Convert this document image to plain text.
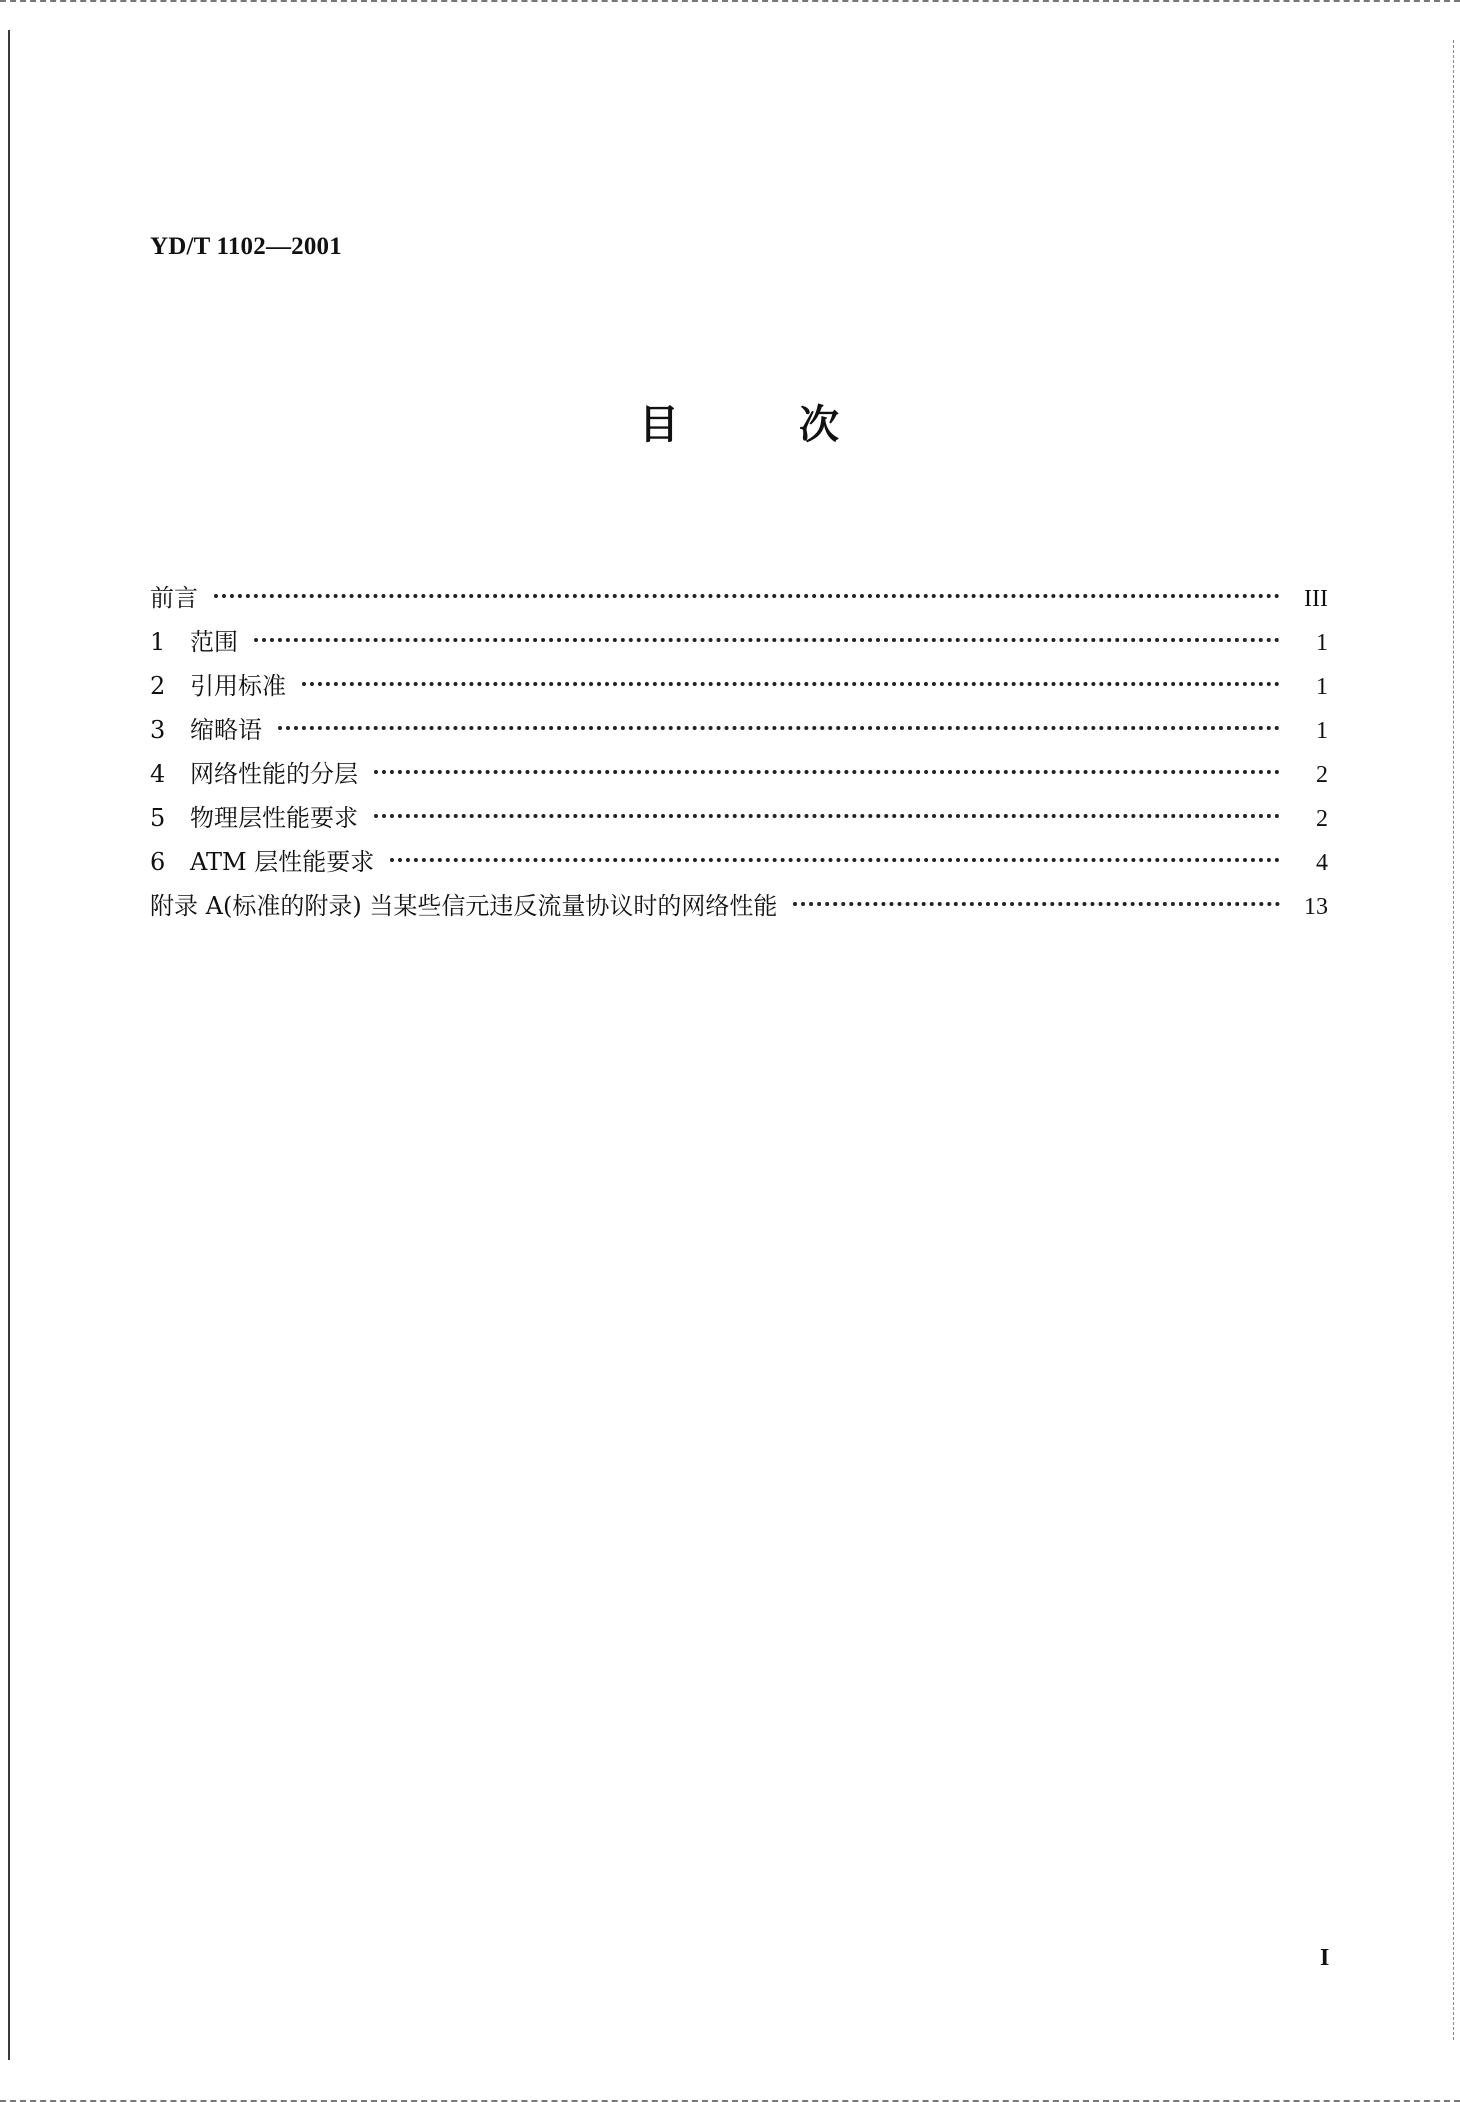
YD/T 1102—2001
目	次
前言	III
1	范围	1
2	引用标准	1
3	缩略语	1
4	网络性能的分层	2
5	物理层性能要求	2
6	ATM 层性能要求	4
附录 A(标准的附录) 当某些信元违反流量协议时的网络性能	13
I
